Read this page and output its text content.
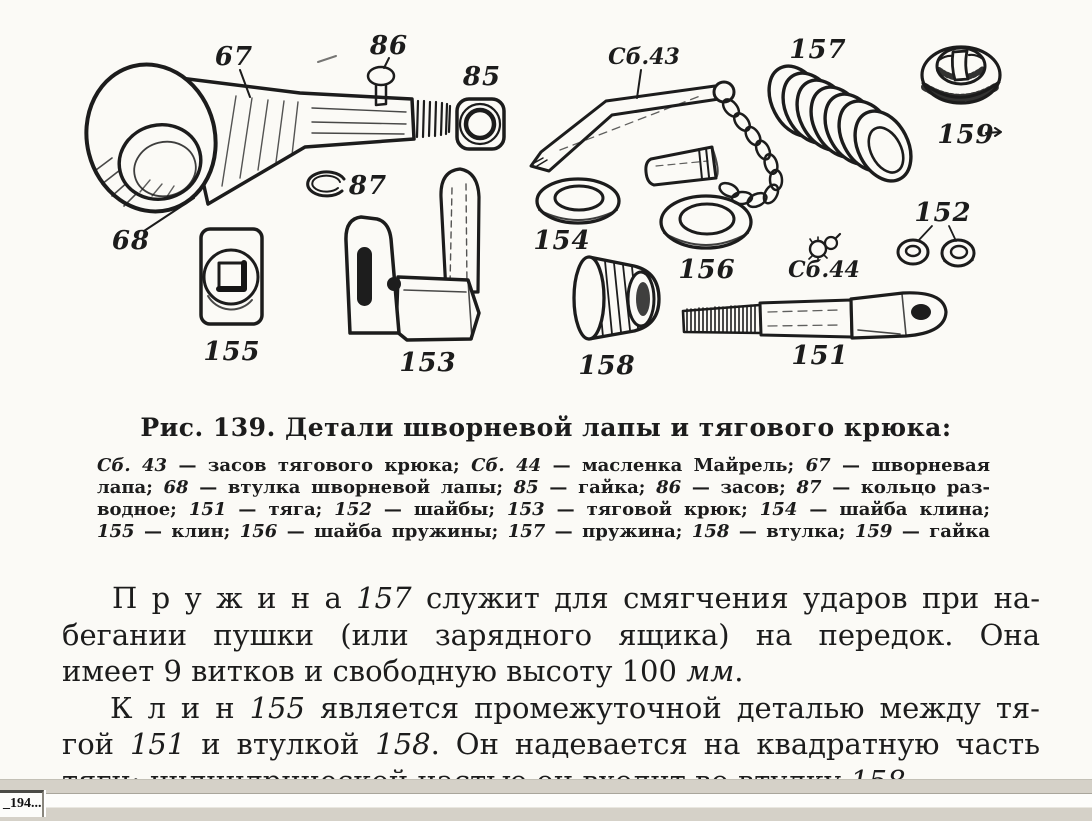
67	86
85
87
68
155	153
154
156
158
Сб.43	157
159
152
Сб.44
151
Рис. 139. Детали шворневой лапы и тягового крюка:
Сб. 43 — засов тягового крюка; Сб. 44 — масленка Майрель; 67 — шворневая
лапа; 68 — втулка шворневой лапы; 85 — гайка; 86 — засов; 87 — кольцо раз-
водное; 151 — тяга; 152 — шайбы; 153 — тяговой крюк; 154 — шайба клина;
155 — клин; 156 — шайба пружины; 157 — пружина; 158 — втулка; 159 — гайка
П р у ж и н а 157 служит для смягчения ударов при на-
бегании пушки (или зарядного ящика) на передок. Она
имеет 9 витков и свободную высоту 100 мм.
К л и н 155 является промежуточной деталью между тя-
гой 151 и втулкой 158. Он надевается на квадратную часть
_194...
